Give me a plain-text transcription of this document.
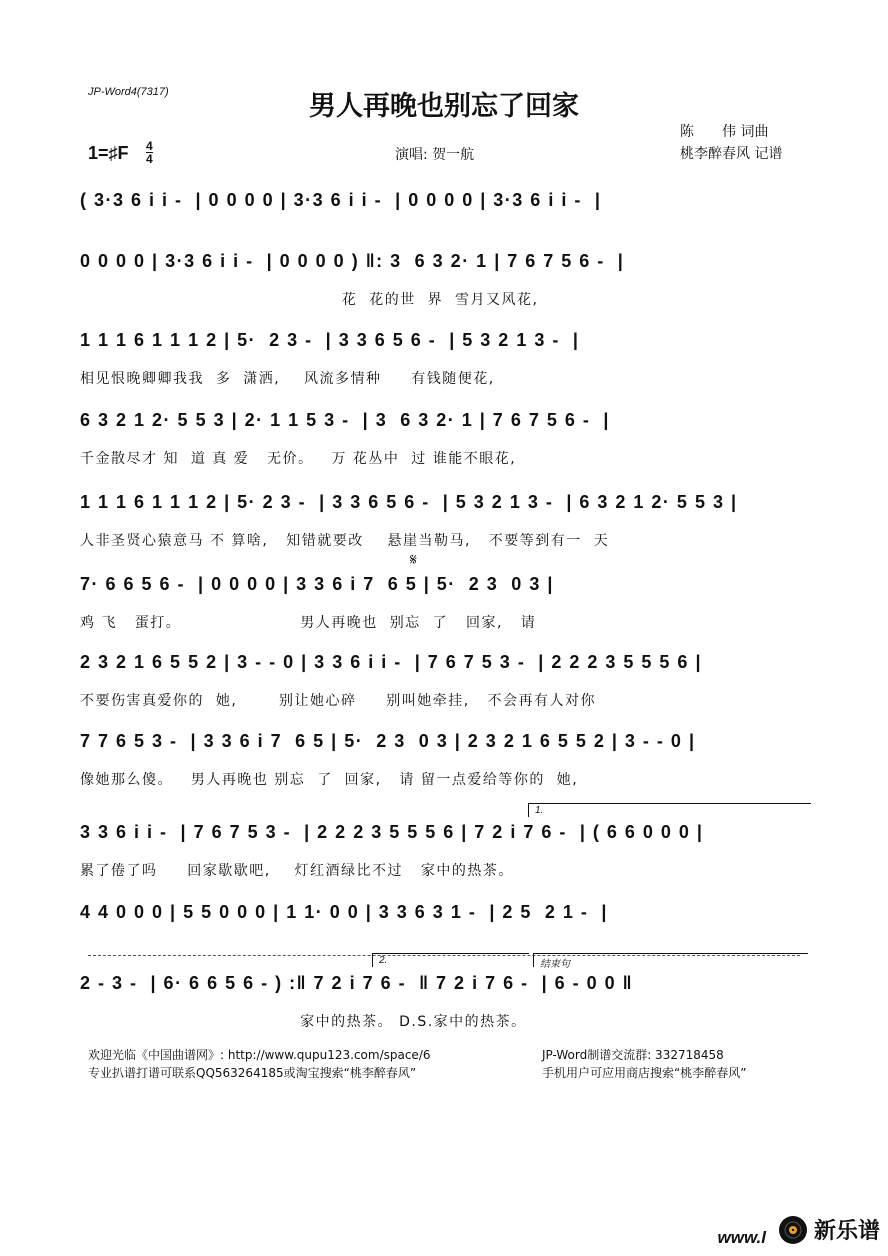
JP-Word4(7317)	男人再晚也别忘了回家
陈　　伟 词曲
桃李醉春风 记谱
1=♯F 4
4	演唱: 贺一航
( 3·3 6 i i -  | 0 0 0 0 | 3·3 6 i i -  | 0 0 0 0 | 3·3 6 i i -  |
0 0 0 0 | 3·3 6 i i -  | 0 0 0 0 ) ‖: 3  6 3 2· 1 | 7 6 7 5 6 -  |
花  花的世  界  雪月又风花,
1 1 1 6 1 1 1 2 | 5·  2 3 -  | 3 3 6 5 6 -  | 5 3 2 1 3 -  |
相见恨晚卿卿我我  多  潇洒,    风流多情种     有钱随便花,
6 3 2 1 2· 5 5 3 | 2· 1 1 5 3 -  | 3  6 3 2· 1 | 7 6 7 5 6 -  |
千金散尽才 知  道 真 爱   无价。   万 花丛中  过 谁能不眼花,
1 1 1 6 1 1 1 2 | 5· 2 3 -  | 3 3 6 5 6 -  | 5 3 2 1 3 -  | 6 3 2 1 2· 5 5 3 |
人非圣贤心猿意马 不 算啥,   知错就要改    悬崖当勒马,   不要等到有一  天
𝄋
7· 6 6 5 6 -  | 0 0 0 0 | 3 3 6 i 7  6 5 | 5·  2 3  0 3 |
鸡 飞   蛋打。                    男人再晚也  别忘  了   回家,   请
2 3 2 1 6 5 5 2 | 3 - - 0 | 3 3 6 i i -  | 7 6 7 5 3 -  | 2 2 2 3 5 5 5 6 |
不要伤害真爱你的  她,       别让她心碎     别叫她牵挂,   不会再有人对你
7 7 6 5 3 -  | 3 3 6 i 7  6 5 | 5·  2 3  0 3 | 2 3 2 1 6 5 5 2 | 3 - - 0 |
像她那么傻。   男人再晚也 别忘  了  回家,   请 留一点爱给等你的  她,
1.
3 3 6 i i -  | 7 6 7 5 3 -  | 2 2 2 3 5 5 5 6 | 7 2 i 7 6 -  | ( 6 6 0 0 0 |
累了倦了吗     回家歇歇吧,    灯红酒绿比不过   家中的热茶。
4 4 0 0 0 | 5 5 0 0 0 | 1 1· 0 0 | 3 3 6 3 1 -  | 2 5  2 1 -  |
2.	结束句
2 - 3 -  | 6· 6 6 5 6 - ) :‖ 7 2 i 7 6 -  ‖ 7 2 i 7 6 -  | 6 - 0 0 ‖
家中的热茶。 D.S.家中的热茶。
欢迎光临《中国曲谱网》: http://www.qupu123.com/space/6
专业扒谱打谱可联系QQ563264185或淘宝搜索“桃李醉春风”
JP-Word制谱交流群: 332718458
手机用户可应用商店搜索“桃李醉春风”
www.l 新乐谱
